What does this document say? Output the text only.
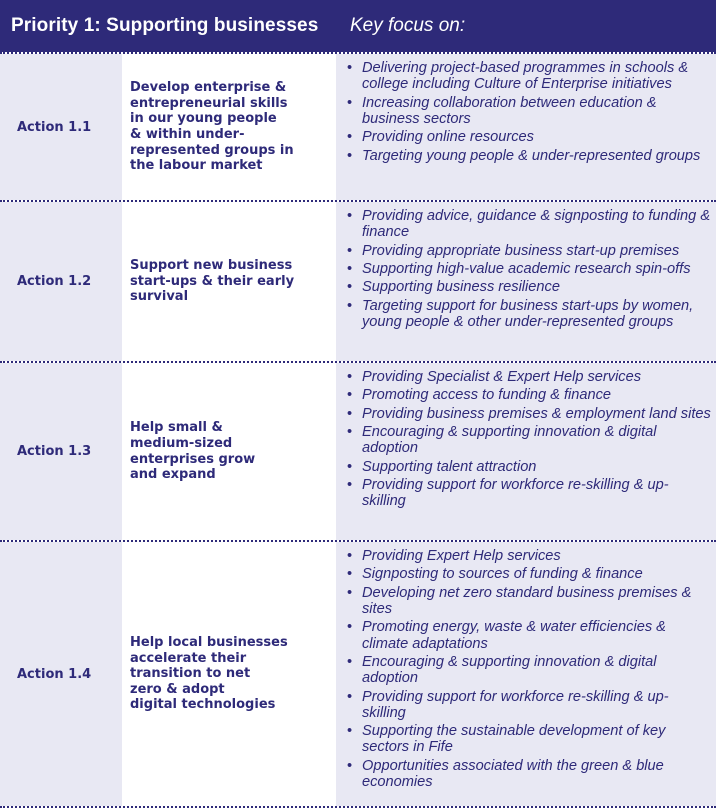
Priority 1: Supporting businesses	Key focus on:
Action 1.1
Develop enterprise &
entrepreneurial skills
in our young people
& within under-
represented groups in
the labour market
• Delivering project-based programmes in schools & college including Culture of Enterprise initiatives
• Increasing collaboration between education & business sectors
• Providing online resources
• Targeting young people & under-represented groups
Action 1.2
Support new business
start-ups & their early
survival
• Providing advice, guidance & signposting to funding & finance
• Providing appropriate business start-up premises
• Supporting high-value academic research spin-offs
• Supporting business resilience
• Targeting support for business start-ups by women, young people & other under-represented groups
Action 1.3
Help small &
medium-sized
enterprises grow
and expand
• Providing Specialist & Expert Help services
• Promoting access to funding & finance
• Providing business premises & employment land sites
• Encouraging & supporting innovation & digital adoption
• Supporting talent attraction
• Providing support for workforce re-skilling & up-skilling
Action 1.4
Help local businesses
accelerate their
transition to net
zero & adopt
digital technologies
• Providing Expert Help services
• Signposting to sources of funding & finance
• Developing net zero standard business premises & sites
• Promoting energy, waste & water efficiencies & climate adaptations
• Encouraging & supporting innovation & digital adoption
• Providing support for workforce re-skilling & up-skilling
• Supporting the sustainable development of key sectors in Fife
• Opportunities associated with the green & blue economies
